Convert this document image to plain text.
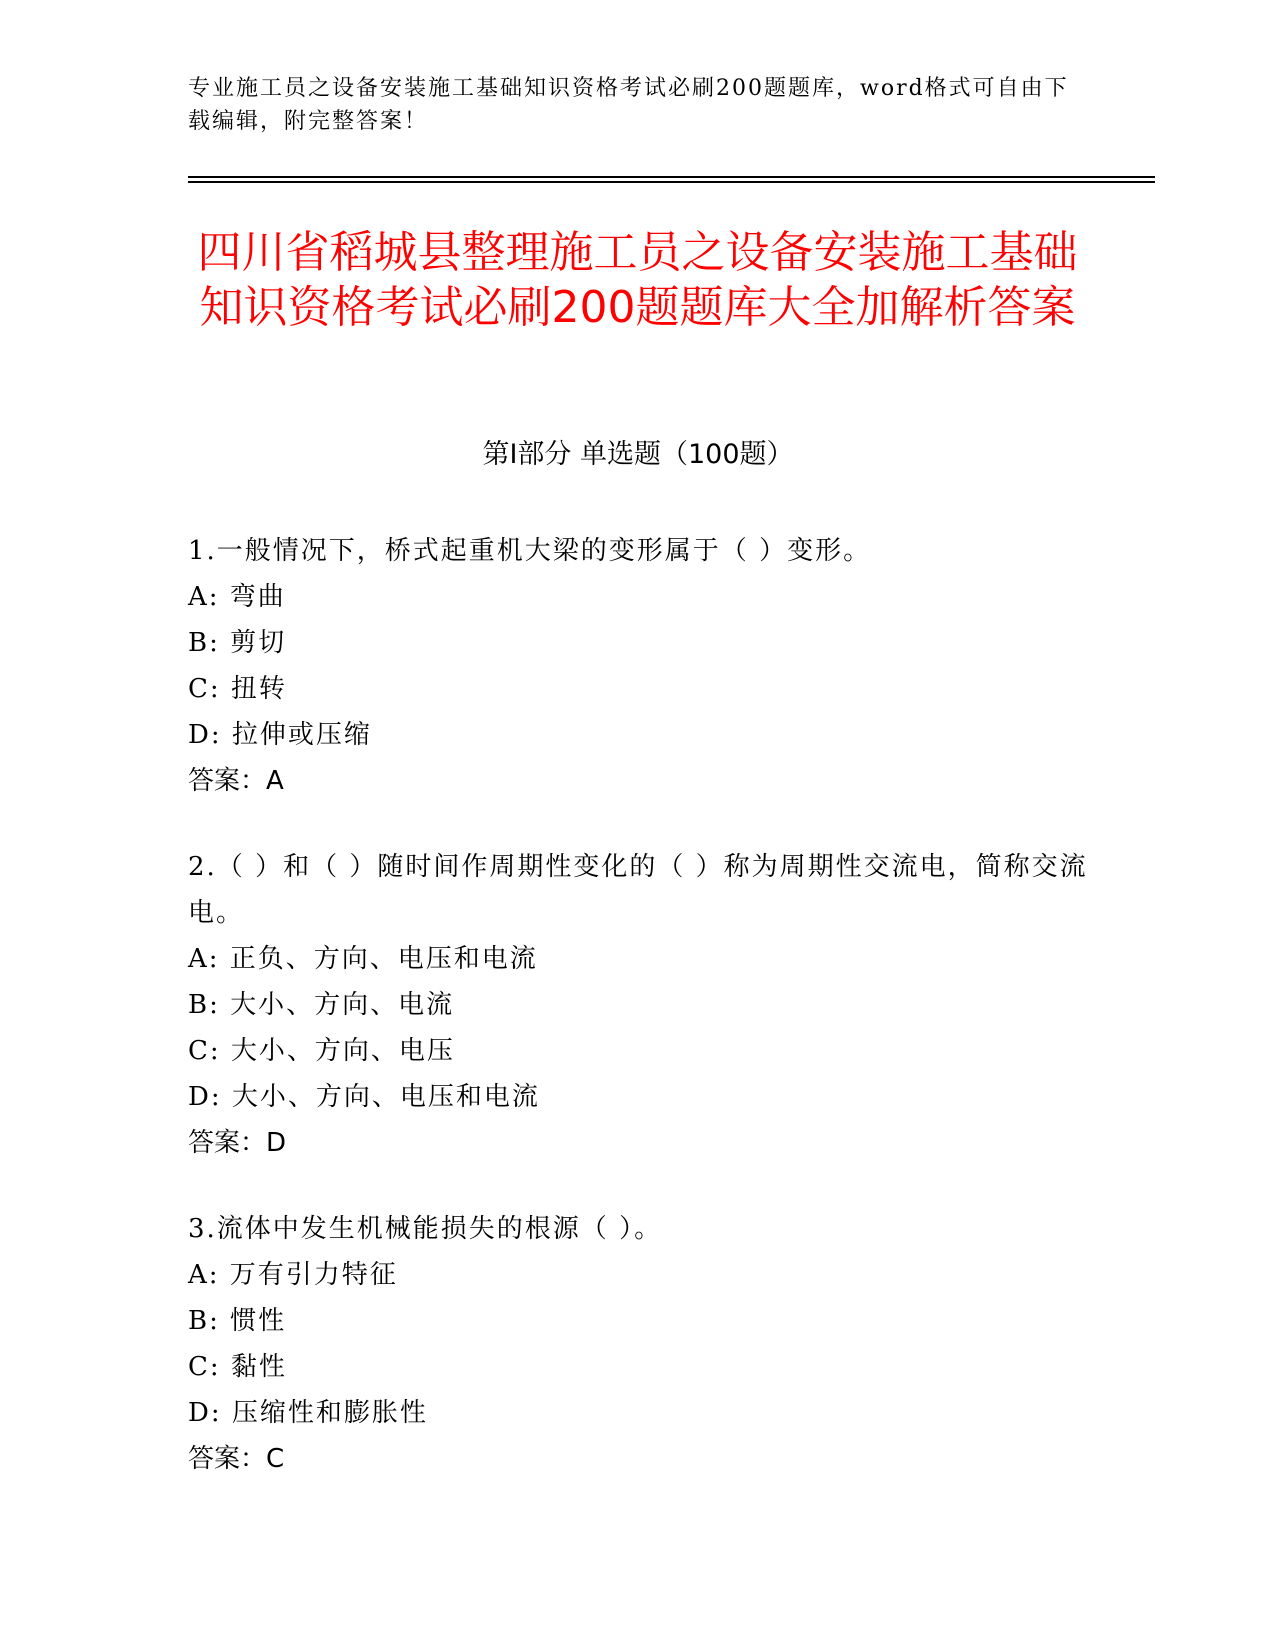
专业施工员之设备安装施工基础知识资格考试必刷200题题库，word格式可自由下载编辑，附完整答案！
四川省稻城县整理施工员之设备安装施工基础知识资格考试必刷200题题库大全加解析答案
第Ⅰ部分 单选题（100题）
1.一般情况下，桥式起重机大梁的变形属于（ ）变形。
A: 弯曲
B: 剪切
C: 扭转
D: 拉伸或压缩
答案：A
2.（ ）和（ ）随时间作周期性变化的（ ）称为周期性交流电，简称交流电。
A: 正负、方向、电压和电流
B: 大小、方向、电流
C: 大小、方向、电压
D: 大小、方向、电压和电流
答案：D
3.流体中发生机械能损失的根源（ ）。
A: 万有引力特征
B: 惯性
C: 黏性
D: 压缩性和膨胀性
答案：C
